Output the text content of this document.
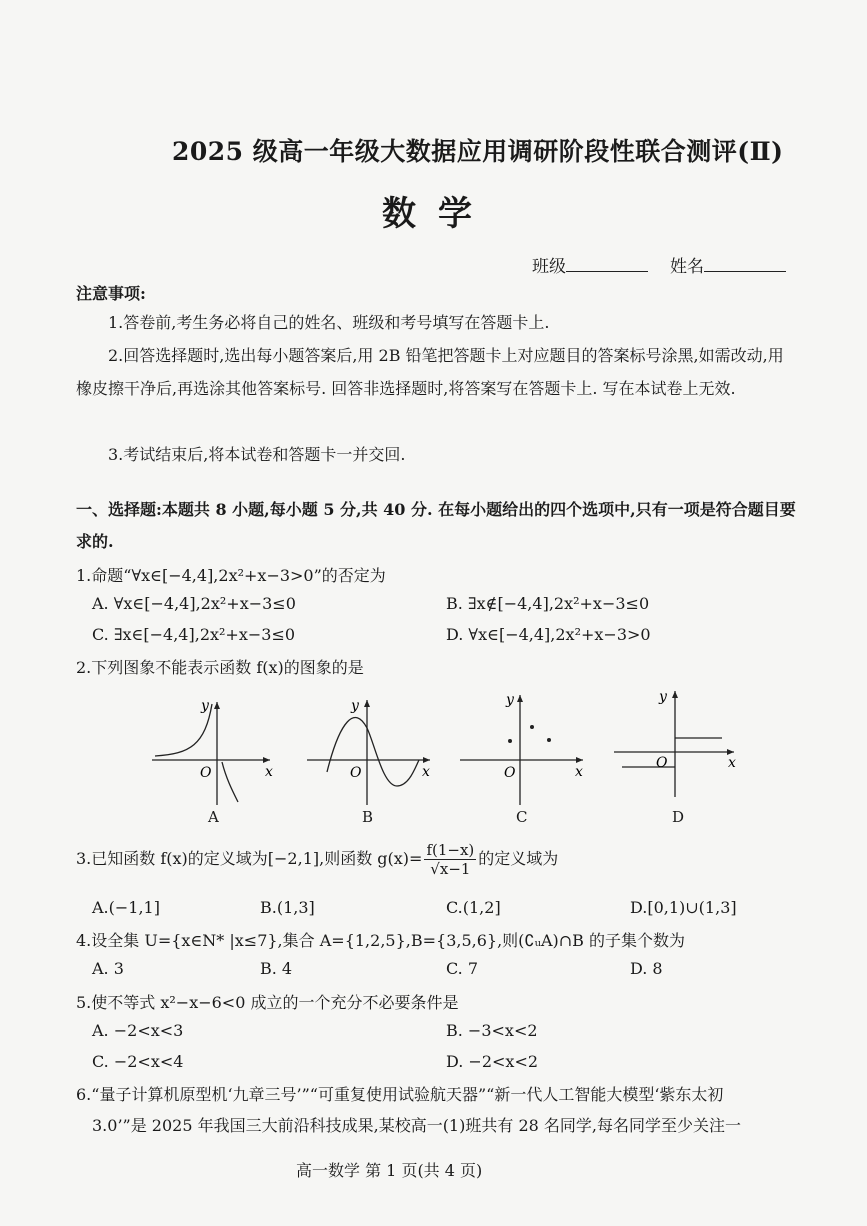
2025 级高一年级大数据应用调研阶段性联合测评(Ⅱ)
数学
班级	姓名
注意事项:
1.答卷前,考生务必将自己的姓名、班级和考号填写在答题卡上.
2.回答选择题时,选出每小题答案后,用 2B 铅笔把答题卡上对应题目的答案标号涂黑,如需改动,用橡皮擦干净后,再选涂其他答案标号. 回答非选择题时,将答案写在答题卡上. 写在本试卷上无效.
3.考试结束后,将本试卷和答题卡一并交回.
一、选择题:本题共 8 小题,每小题 5 分,共 40 分. 在每小题给出的四个选项中,只有一项是符合题目要求的.
1.命题“∀x∈[−4,4],2x²+x−3>0”的否定为
A. ∀x∈[−4,4],2x²+x−3≤0	B. ∃x∉[−4,4],2x²+x−3≤0
C. ∃x∈[−4,4],2x²+x−3≤0	D. ∀x∈[−4,4],2x²+x−3>0
2.下列图象不能表示函数 f(x)的图象的是
y
x
O
A
y
x
O
B
y
x
O
C
y
x
O
D
3.已知函数 f(x)的定义域为[−2,1],则函数 $g(x)= \frac{f(1-x)}{√x-1}$ 的定义域为
A.(−1,1]	B.(1,3]	C.(1,2]	D.[0,1)∪(1,3]
4.设全集 U={x∈N* |x≤7},集合 A={1,2,5},B={3,5,6},则(∁ᵤA)∩B 的子集个数为
A. 3	B. 4	C. 7	D. 8
5.使不等式 x²−x−6<0 成立的一个充分不必要条件是
A. −2<x<3	B. −3<x<2
C. −2<x<4	D. −2<x<2
6.“量子计算机原型机‘九章三号’”“可重复使用试验航天器”“新一代人工智能大模型‘紫东太初
3.0’”是 2025 年我国三大前沿科技成果,某校高一(1)班共有 28 名同学,每名同学至少关注一
高一数学 第 1 页(共 4 页)
